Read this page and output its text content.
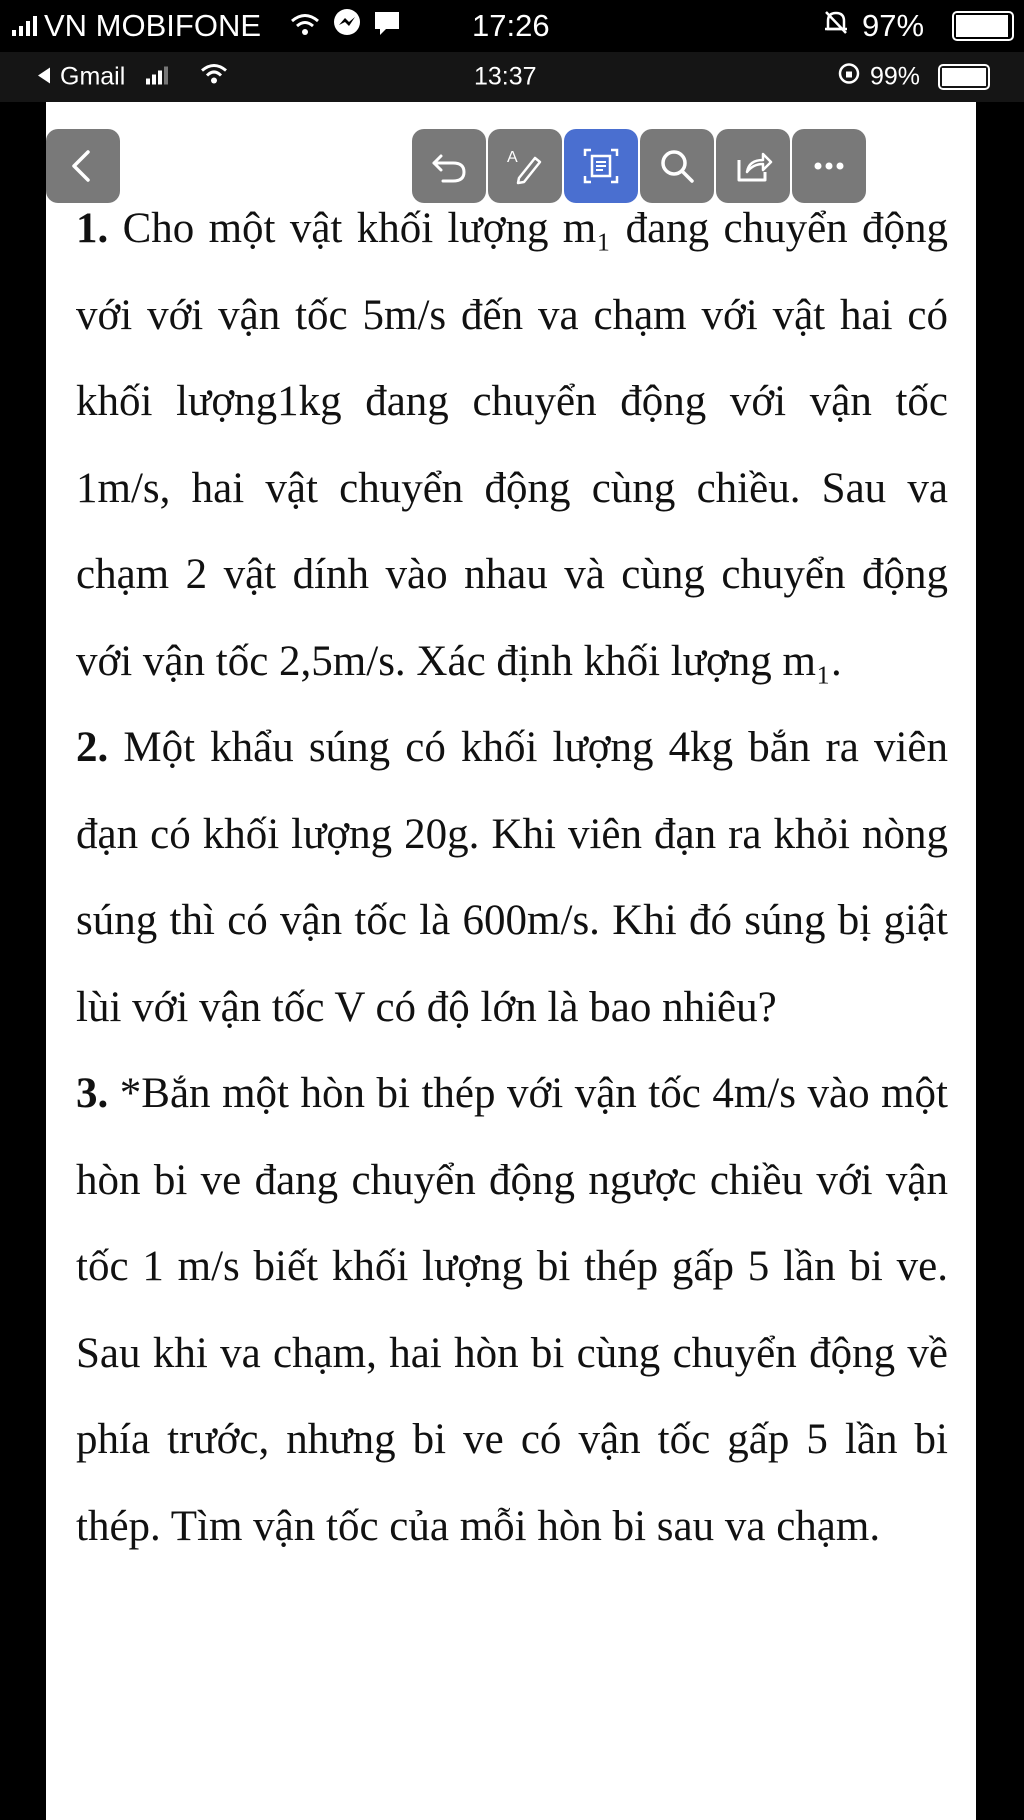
VN MOBIFONE	17:26	97%
Gmail	13:37	99%
1. Cho một vật khối lượng m₁ đang chuyển động với với vận tốc 5m/s đến va chạm với vật hai có khối lượng1kg đang chuyển động với vận tốc 1m/s, hai vật chuyển động cùng chiều. Sau va chạm 2 vật dính vào nhau và cùng chuyển động với vận tốc 2,5m/s. Xác định khối lượng m₁.
2. Một khẩu súng có khối lượng 4kg bắn ra viên đạn có khối lượng 20g. Khi viên đạn ra khỏi nòng súng thì có vận tốc là 600m/s. Khi đó súng bị giật lùi với vận tốc V có độ lớn là bao nhiêu?
3. *Bắn một hòn bi thép với vận tốc 4m/s vào một hòn bi ve đang chuyển động ngược chiều với vận tốc 1 m/s biết khối lượng bi thép gấp 5 lần bi ve. Sau khi va chạm, hai hòn bi cùng chuyển động về phía trước, nhưng bi ve có vận tốc gấp 5 lần bi thép. Tìm vận tốc của mỗi hòn bi sau va chạm.
A
